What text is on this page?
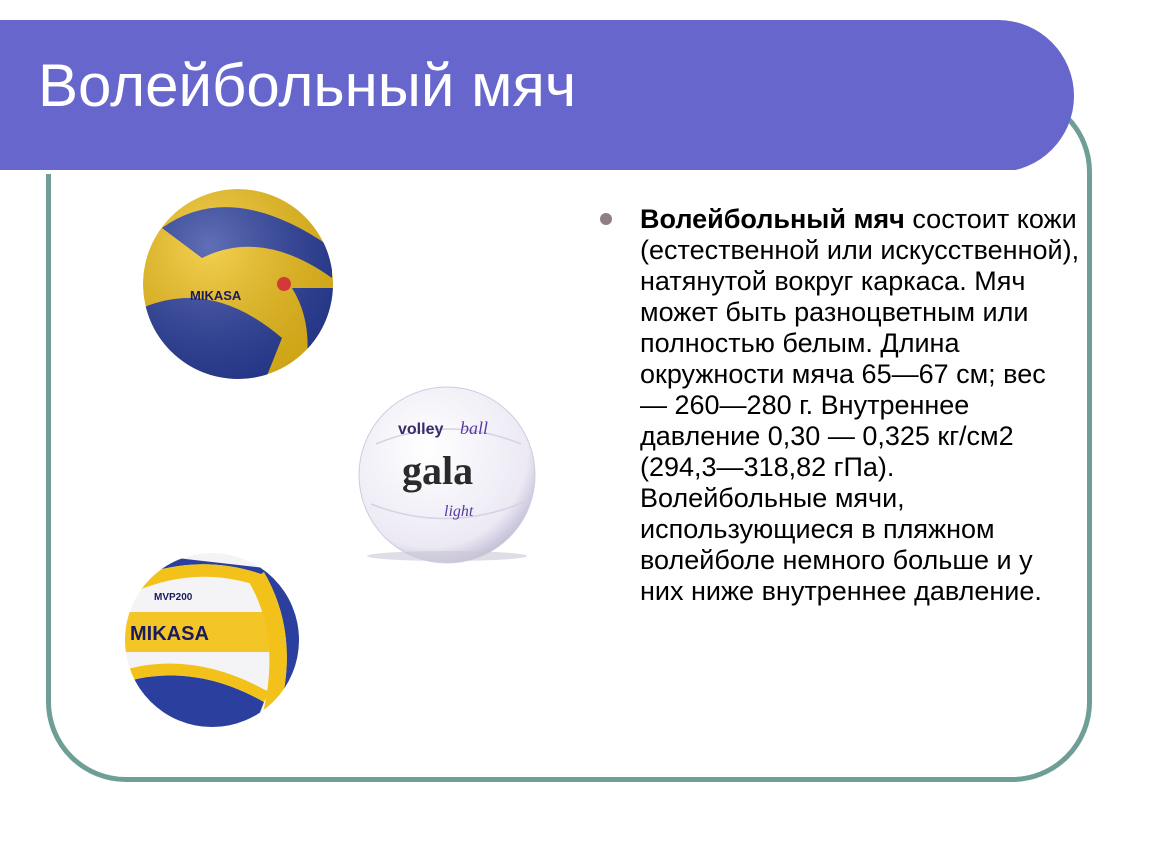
Волейбольный мяч
MIKASA
volley ball
gala
light
MVP200
MIKASA

Волейбольный мяч состоит кожи (естественной или искусственной), натянутой вокруг каркаса. Мяч может быть разноцветным или полностью белым. Длина окружности мяча 65—67 см; вес — 260—280 г. Внутреннее давление 0,30 — 0,325 кг/см2 (294,3—318,82 гПа). Волейбольные мячи, использующиеся в пляжном волейболе немного больше и у них ниже внутреннее давление.
